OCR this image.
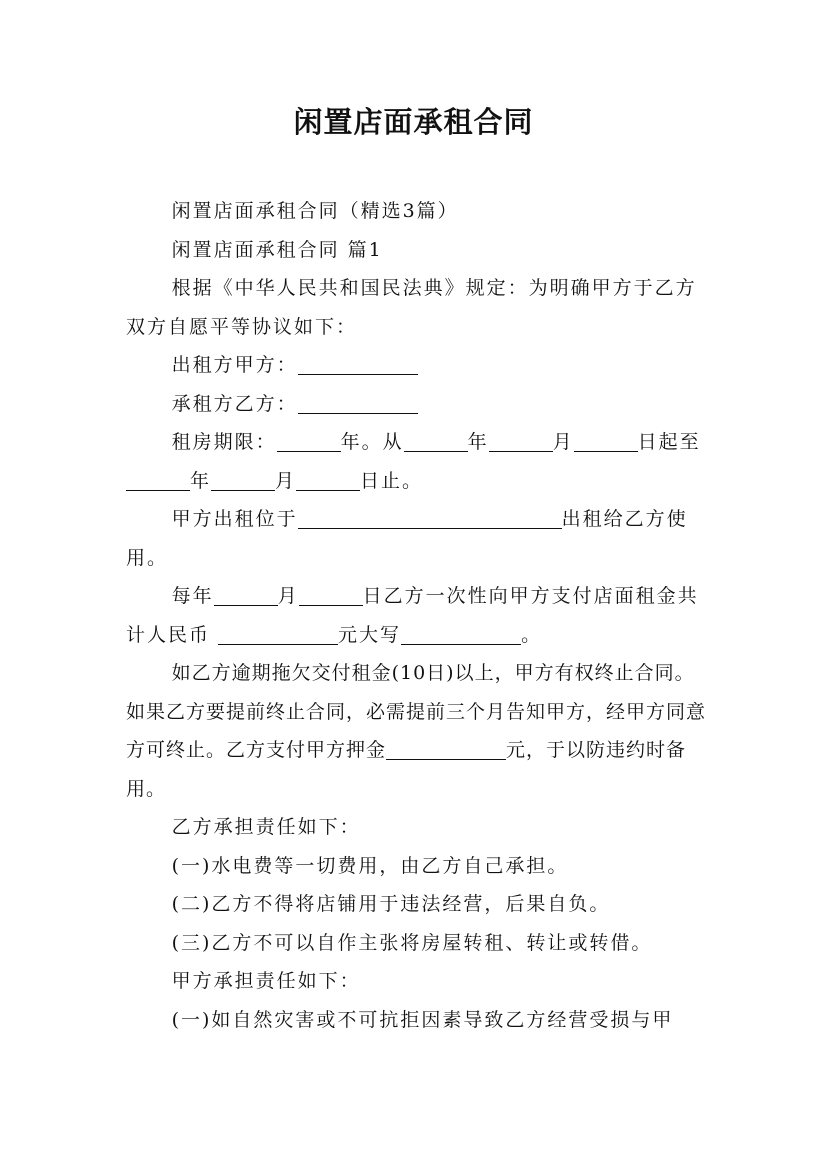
闲置店面承租合同

闲置店面承租合同（精选3篇）

闲置店面承租合同 篇1

根据《中华人民共和国民法典》规定：为明确甲方于乙方双方自愿平等协议如下：

出租方甲方：

承租方乙方：

租房期限：	年。从	年	月	日起至年	月	日止。

甲方出租位于	出租给乙方使用。

每年	月	日乙方一次性向甲方支付店面租金共计人民币	元大写	。

如乙方逾期拖欠交付租金(10日)以上，甲方有权终止合同。如果乙方要提前终止合同，必需提前三个月告知甲方，经甲方同意方可终止。乙方支付甲方押金	元，于以防违约时备用。

乙方承担责任如下：

(一)水电费等一切费用，由乙方自己承担。

(二)乙方不得将店铺用于违法经营，后果自负。

(三)乙方不可以自作主张将房屋转租、转让或转借。

甲方承担责任如下：

(一)如自然灾害或不可抗拒因素导致乙方经营受损与甲
